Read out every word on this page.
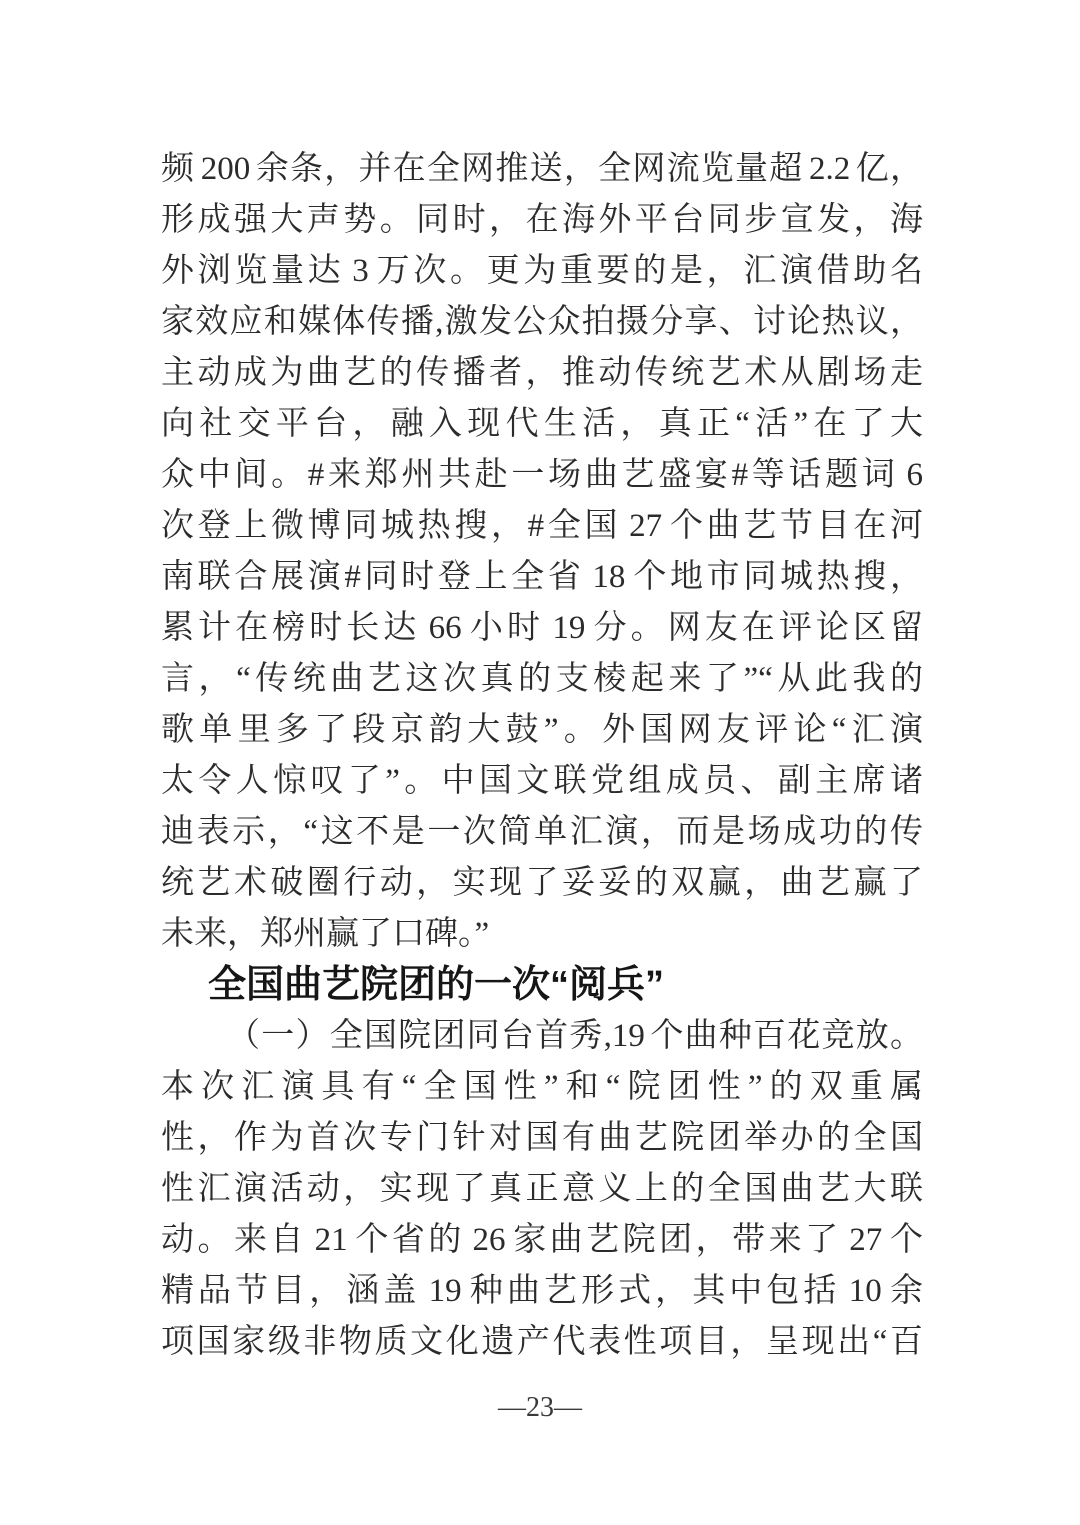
频 200 余条，并在全网推送，全网流览量超 2.2 亿，
形成强大声势。同时，在海外平台同步宣发，海
外浏览量达 3 万次。更为重要的是，汇演借助名
家效应和媒体传播,激发公众拍摄分享、讨论热议，
主动成为曲艺的传播者，推动传统艺术从剧场走
向社交平台，融入现代生活，真正“活”在了大
众中间。#来郑州共赴一场曲艺盛宴#等话题词 6
次登上微博同城热搜，#全国 27 个曲艺节目在河
南联合展演#同时登上全省 18 个地市同城热搜，
累计在榜时长达 66 小时 19 分。网友在评论区留
言，“传统曲艺这次真的支棱起来了”“从此我的
歌单里多了段京韵大鼓”。外国网友评论“汇演
太令人惊叹了”。中国文联党组成员、副主席诸
迪表示，“这不是一次简单汇演，而是场成功的传
统艺术破圈行动，实现了妥妥的双赢，曲艺赢了
未来，郑州赢了口碑。”
全国曲艺院团的一次“阅兵”
（一）全国院团同台首秀,19 个曲种百花竞放。
本次汇演具有“全国性”和“院团性”的双重属
性，作为首次专门针对国有曲艺院团举办的全国
性汇演活动，实现了真正意义上的全国曲艺大联
动。来自 21 个省的 26 家曲艺院团，带来了 27 个
精品节目，涵盖 19 种曲艺形式，其中包括 10 余
项国家级非物质文化遗产代表性项目，呈现出“百
—23—
